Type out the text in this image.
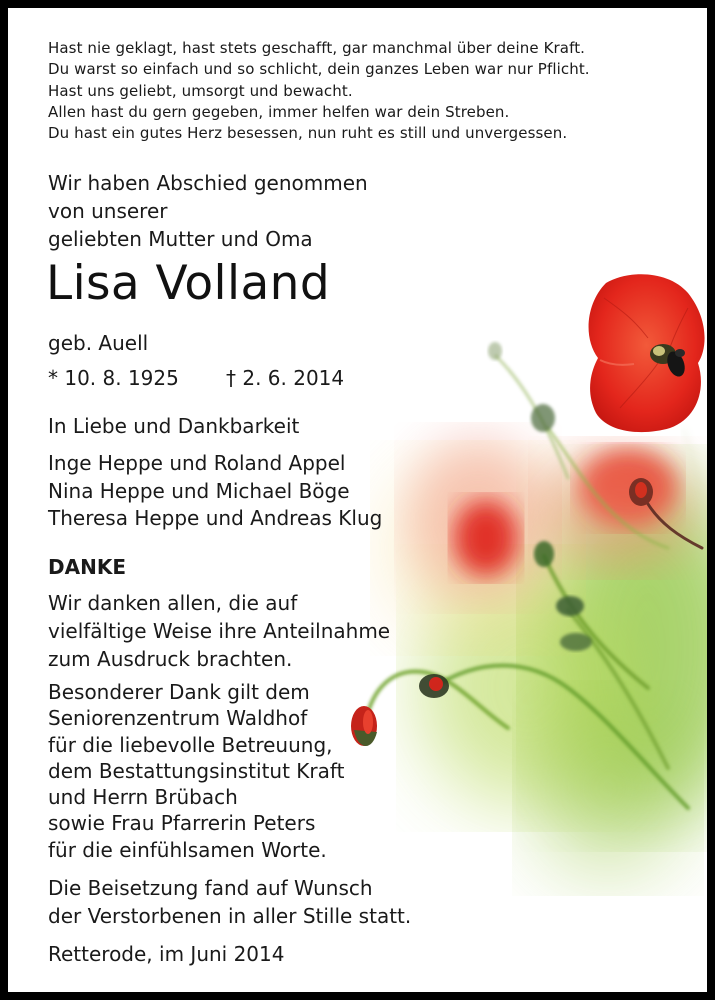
Hast nie geklagt, hast stets geschafft, gar manchmal über deine Kraft.
Du warst so einfach und so schlicht, dein ganzes Leben war nur Pflicht.
Hast uns geliebt, umsorgt und bewacht.
Allen hast du gern gegeben, immer helfen war dein Streben.
Du hast ein gutes Herz besessen, nun ruht es still und unvergessen.
Wir haben Abschied genommen
von unserer
geliebten Mutter und Oma
Lisa Volland
geb. Auell
* 10. 8. 1925 † 2. 6. 2014
In Liebe und Dankbarkeit
Inge Heppe und Roland Appel
Nina Heppe und Michael Böge
Theresa Heppe und Andreas Klug
DANKE
Wir danken allen, die auf
vielfältige Weise ihre Anteilnahme
zum Ausdruck brachten.
Besonderer Dank gilt dem
Seniorenzentrum Waldhof
für die liebevolle Betreuung,
dem Bestattungsinstitut Kraft
und Herrn Brübach
sowie Frau Pfarrerin Peters
für die einfühlsamen Worte.
Die Beisetzung fand auf Wunsch
der Verstorbenen in aller Stille statt.
Retterode, im Juni 2014
